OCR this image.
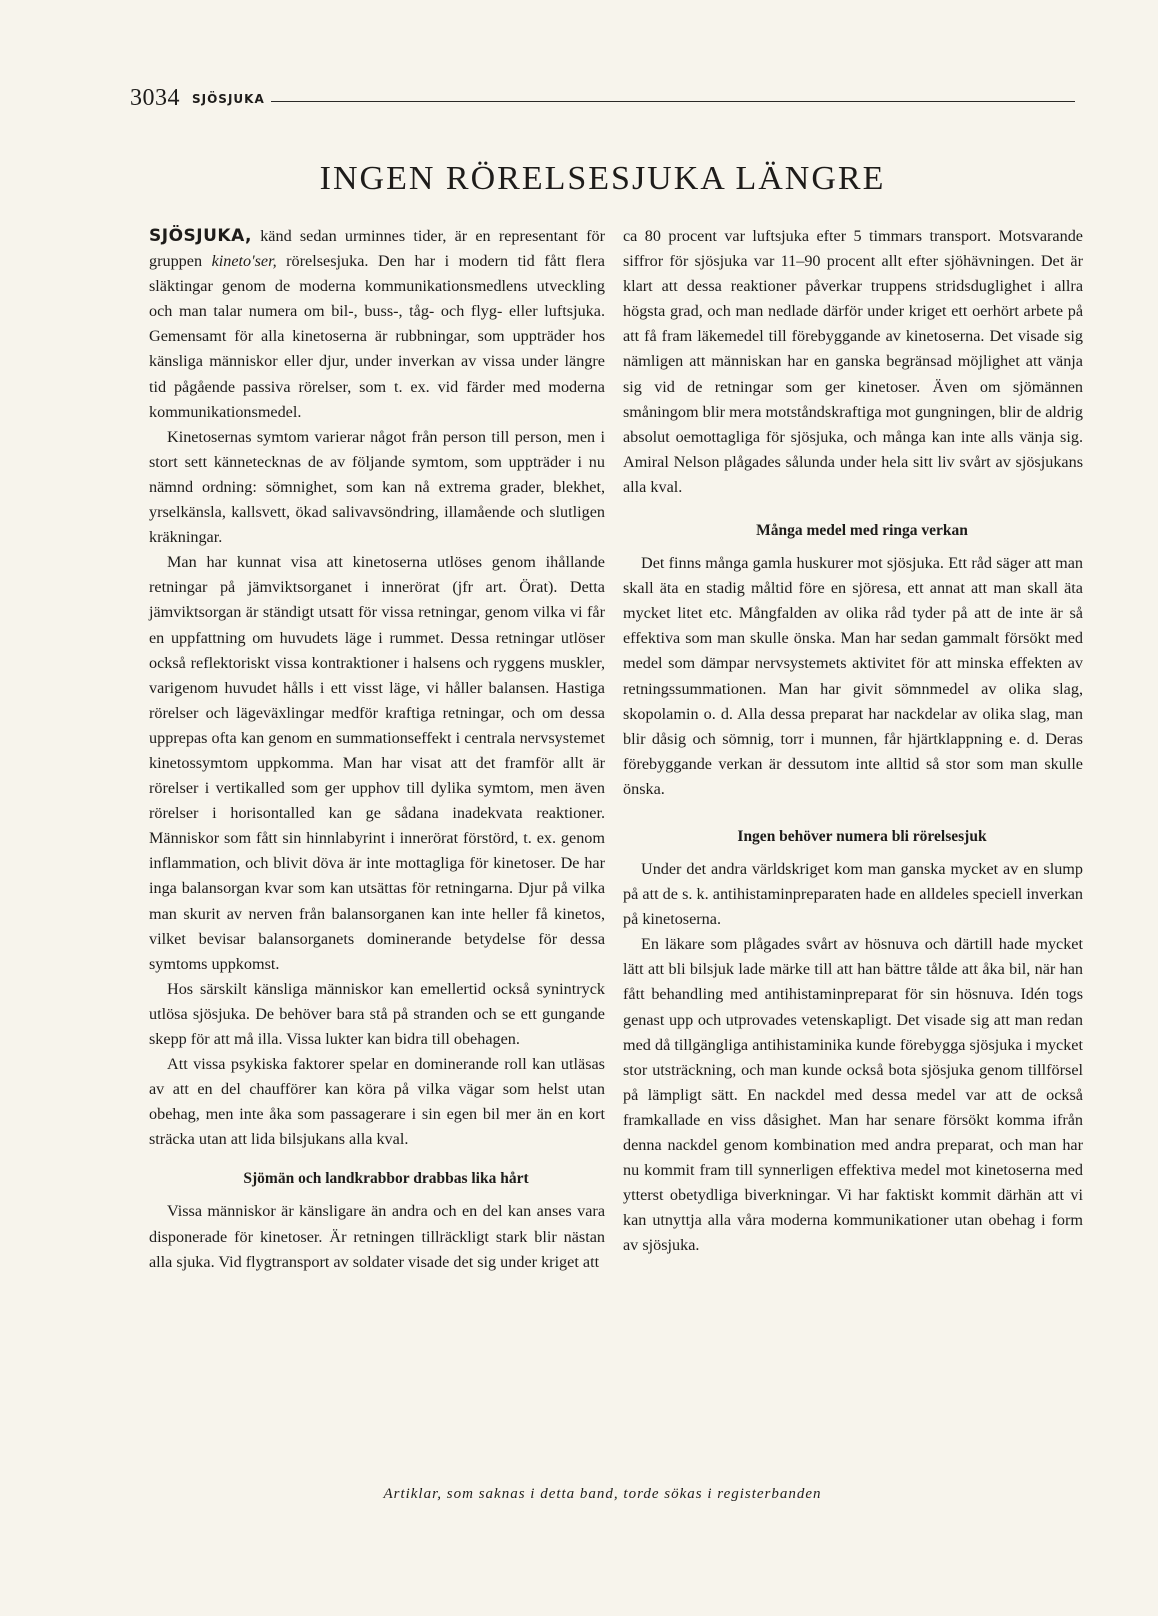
3034 SJÖSJUKA
INGEN RÖRELSESJUKA LÄNGRE

SJÖSJUKA, känd sedan urminnes tider, är en representant för gruppen kineto'ser, rörelsesjuka. Den har i modern tid fått flera släktingar genom de moderna kommunikationsmedlens utveckling och man talar numera om bil-, buss-, tåg- och flyg- eller luftsjuka. Gemensamt för alla kinetoserna är rubbningar, som uppträder hos känsliga människor eller djur, under inverkan av vissa under längre tid pågående passiva rörelser, som t. ex. vid färder med moderna kommunikationsmedel.

Kinetosernas symtom varierar något från person till person, men i stort sett kännetecknas de av följande symtom, som uppträder i nu nämnd ordning: sömnighet, som kan nå extrema grader, blekhet, yrselkänsla, kallsvett, ökad salivavsöndring, illamående och slutligen kräkningar.

Man har kunnat visa att kinetoserna utlöses genom ihållande retningar på jämviktsorganet i innerörat (jfr art. Örat). Detta jämviktsorgan är ständigt utsatt för vissa retningar, genom vilka vi får en uppfattning om huvudets läge i rummet. Dessa retningar utlöser också reflektoriskt vissa kontraktioner i halsens och ryggens muskler, varigenom huvudet hålls i ett visst läge, vi håller balansen. Hastiga rörelser och lägeväxlingar medför kraftiga retningar, och om dessa upprepas ofta kan genom en summationseffekt i centrala nervsystemet kinetossymtom uppkomma. Man har visat att det framför allt är rörelser i vertikalled som ger upphov till dylika symtom, men även rörelser i horisontalled kan ge sådana inadekvata reaktioner. Människor som fått sin hinnlabyrint i innerörat förstörd, t. ex. genom inflammation, och blivit döva är inte mottagliga för kinetoser. De har inga balansorgan kvar som kan utsättas för retningarna. Djur på vilka man skurit av nerven från balansorganen kan inte heller få kinetos, vilket bevisar balansorganets dominerande betydelse för dessa symtoms uppkomst.

Hos särskilt känsliga människor kan emellertid också synintryck utlösa sjösjuka. De behöver bara stå på stranden och se ett gungande skepp för att må illa. Vissa lukter kan bidra till obehagen.

Att vissa psykiska faktorer spelar en dominerande roll kan utläsas av att en del chaufförer kan köra på vilka vägar som helst utan obehag, men inte åka som passagerare i sin egen bil mer än en kort sträcka utan att lida bilsjukans alla kval.

Sjömän och landkrabbor drabbas lika hårt

Vissa människor är känsligare än andra och en del kan anses vara disponerade för kinetoser. Är retningen tillräckligt stark blir nästan alla sjuka. Vid flygtransport av soldater visade det sig under kriget att

ca 80 procent var luftsjuka efter 5 timmars transport. Motsvarande siffror för sjösjuka var 11–90 procent allt efter sjöhävningen. Det är klart att dessa reaktioner påverkar truppens stridsduglighet i allra högsta grad, och man nedlade därför under kriget ett oerhört arbete på att få fram läkemedel till förebyggande av kinetoserna. Det visade sig nämligen att människan har en ganska begränsad möjlighet att vänja sig vid de retningar som ger kinetoser. Även om sjömännen småningom blir mera motståndskraftiga mot gungningen, blir de aldrig absolut oemottagliga för sjösjuka, och många kan inte alls vänja sig. Amiral Nelson plågades sålunda under hela sitt liv svårt av sjösjukans alla kval.

Många medel med ringa verkan

Det finns många gamla huskurer mot sjösjuka. Ett råd säger att man skall äta en stadig måltid före en sjöresa, ett annat att man skall äta mycket litet etc. Mångfalden av olika råd tyder på att de inte är så effektiva som man skulle önska. Man har sedan gammalt försökt med medel som dämpar nervsystemets aktivitet för att minska effekten av retningssummationen. Man har givit sömnmedel av olika slag, skopolamin o. d. Alla dessa preparat har nackdelar av olika slag, man blir dåsig och sömnig, torr i munnen, får hjärtklappning e. d. Deras förebyggande verkan är dessutom inte alltid så stor som man skulle önska.

Ingen behöver numera bli rörelsesjuk

Under det andra världskriget kom man ganska mycket av en slump på att de s. k. antihistaminpreparaten hade en alldeles speciell inverkan på kinetoserna.

En läkare som plågades svårt av hösnuva och därtill hade mycket lätt att bli bilsjuk lade märke till att han bättre tålde att åka bil, när han fått behandling med antihistaminpreparat för sin hösnuva. Idén togs genast upp och utprovades vetenskapligt. Det visade sig att man redan med då tillgängliga antihistaminika kunde förebygga sjösjuka i mycket stor utsträckning, och man kunde också bota sjösjuka genom tillförsel på lämpligt sätt. En nackdel med dessa medel var att de också framkallade en viss dåsighet. Man har senare försökt komma ifrån denna nackdel genom kombination med andra preparat, och man har nu kommit fram till synnerligen effektiva medel mot kinetoserna med ytterst obetydliga biverkningar. Vi har faktiskt kommit därhän att vi kan utnyttja alla våra moderna kommunikationer utan obehag i form av sjösjuka.

Artiklar, som saknas i detta band, torde sökas i registerbanden
